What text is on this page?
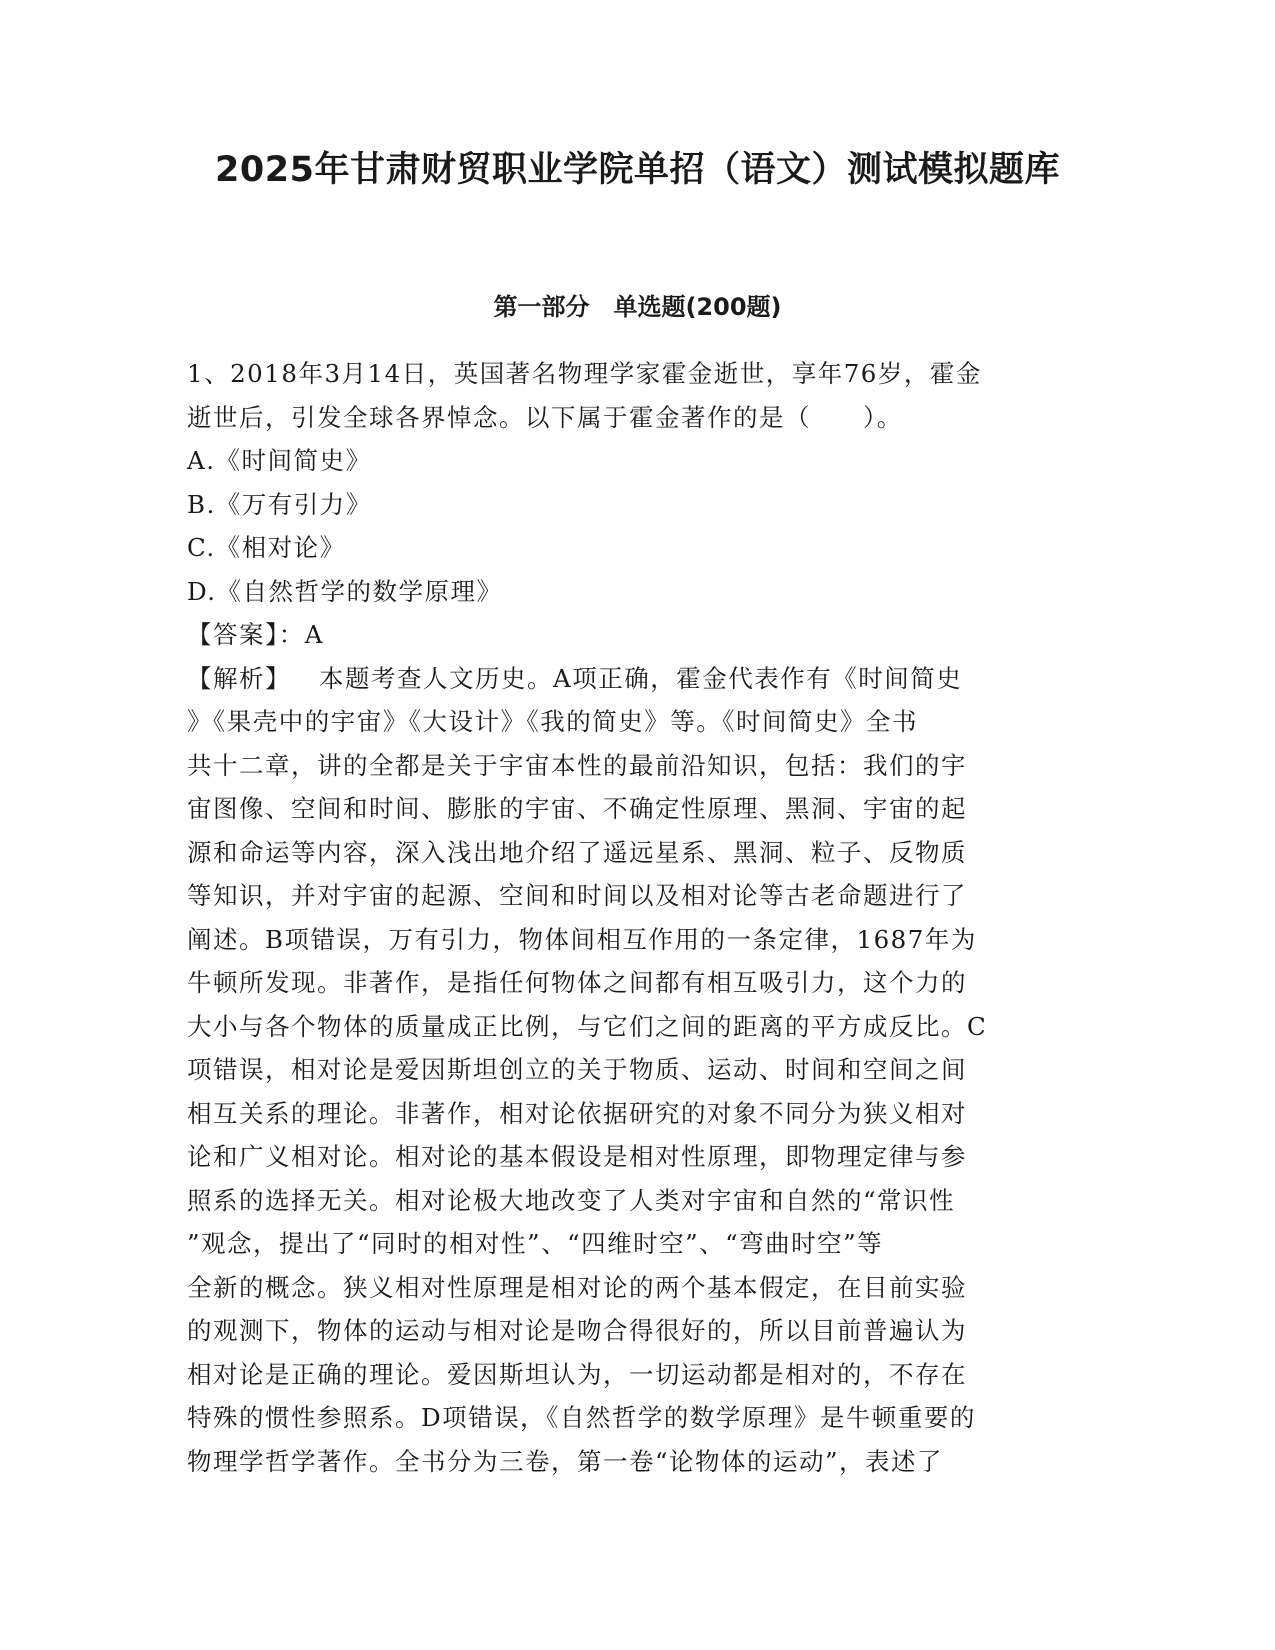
2025年甘肃财贸职业学院单招（语文）测试模拟题库
第一部分　单选题(200题)
1、2018年3月14日，英国著名物理学家霍金逝世，享年76岁，霍金
逝世后，引发全球各界悼念。以下属于霍金著作的是（　　）。
A.《时间简史》
B.《万有引力》
C.《相对论》
D.《自然哲学的数学原理》
【答案】：A
【解析】 本题考查人文历史。A项正确，霍金代表作有《时间简史
》《果壳中的宇宙》《大设计》《我的简史》等。《时间简史》全书
共十二章，讲的全都是关于宇宙本性的最前沿知识，包括：我们的宇
宙图像、空间和时间、膨胀的宇宙、不确定性原理、黑洞、宇宙的起
源和命运等内容，深入浅出地介绍了遥远星系、黑洞、粒子、反物质
等知识，并对宇宙的起源、空间和时间以及相对论等古老命题进行了
阐述。B项错误，万有引力，物体间相互作用的一条定律，1687年为
牛顿所发现。非著作，是指任何物体之间都有相互吸引力，这个力的
大小与各个物体的质量成正比例，与它们之间的距离的平方成反比。C
项错误，相对论是爱因斯坦创立的关于物质、运动、时间和空间之间
相互关系的理论。非著作，相对论依据研究的对象不同分为狭义相对
论和广义相对论。相对论的基本假设是相对性原理，即物理定律与参
照系的选择无关。相对论极大地改变了人类对宇宙和自然的“常识性
”观念，提出了“同时的相对性”、“四维时空”、“弯曲时空”等
全新的概念。狭义相对性原理是相对论的两个基本假定，在目前实验
的观测下，物体的运动与相对论是吻合得很好的，所以目前普遍认为
相对论是正确的理论。爱因斯坦认为，一切运动都是相对的，不存在
特殊的惯性参照系。D项错误，《自然哲学的数学原理》是牛顿重要的
物理学哲学著作。全书分为三卷，第一卷“论物体的运动”，表述了
